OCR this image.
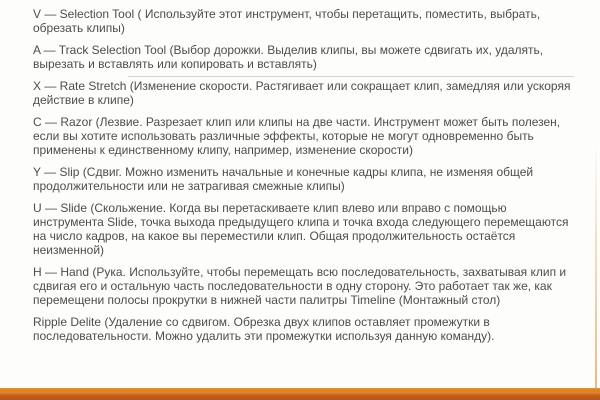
V — Selection Tool ( Используйте этот инструмент, чтобы перетащить, поместить, выбрать, обрезать клипы)

A — Track Selection Tool (Выбор дорожки. Выделив клипы, вы можете сдвигать их, удалять, вырезать и вставлять или копировать и вставлять)

X — Rate Stretch (Изменение скорости. Растягивает или сокращает клип, замедляя или ускоряя действие в клипе)

C — Razor (Лезвие. Разрезает клип или клипы на две части. Инструмент может быть полезен, если вы хотите использовать различные эффекты, которые не могут одновременно быть применены к единственному клипу, например, изменение скорости)

Y — Slip (Сдвиг. Можно изменить начальные и конечные кадры клипа, не изменяя общей продолжительности или не затрагивая смежные клипы)

U — Slide (Скольжение. Когда вы перетаскиваете клип влево или вправо с помощью инструмента Slide, точка выхода предыдущего клипа и точка входа следующего перемещаются на число кадров, на какое вы переместили клип. Общая продолжительность остаётся неизменной)

H — Hand (Рука. Используйте, чтобы перемещать всю последовательность, захватывая клип и сдвигая его и остальную часть последовательности в одну сторону. Это работает так же, как перемещени полосы прокрутки в нижней части палитры Timeline (Монтажный стол)

Ripple Delite (Удаление со сдвигом. Обрезка двух клипов оставляет промежутки в последовательности. Можно удалить эти промежутки используя данную команду).
